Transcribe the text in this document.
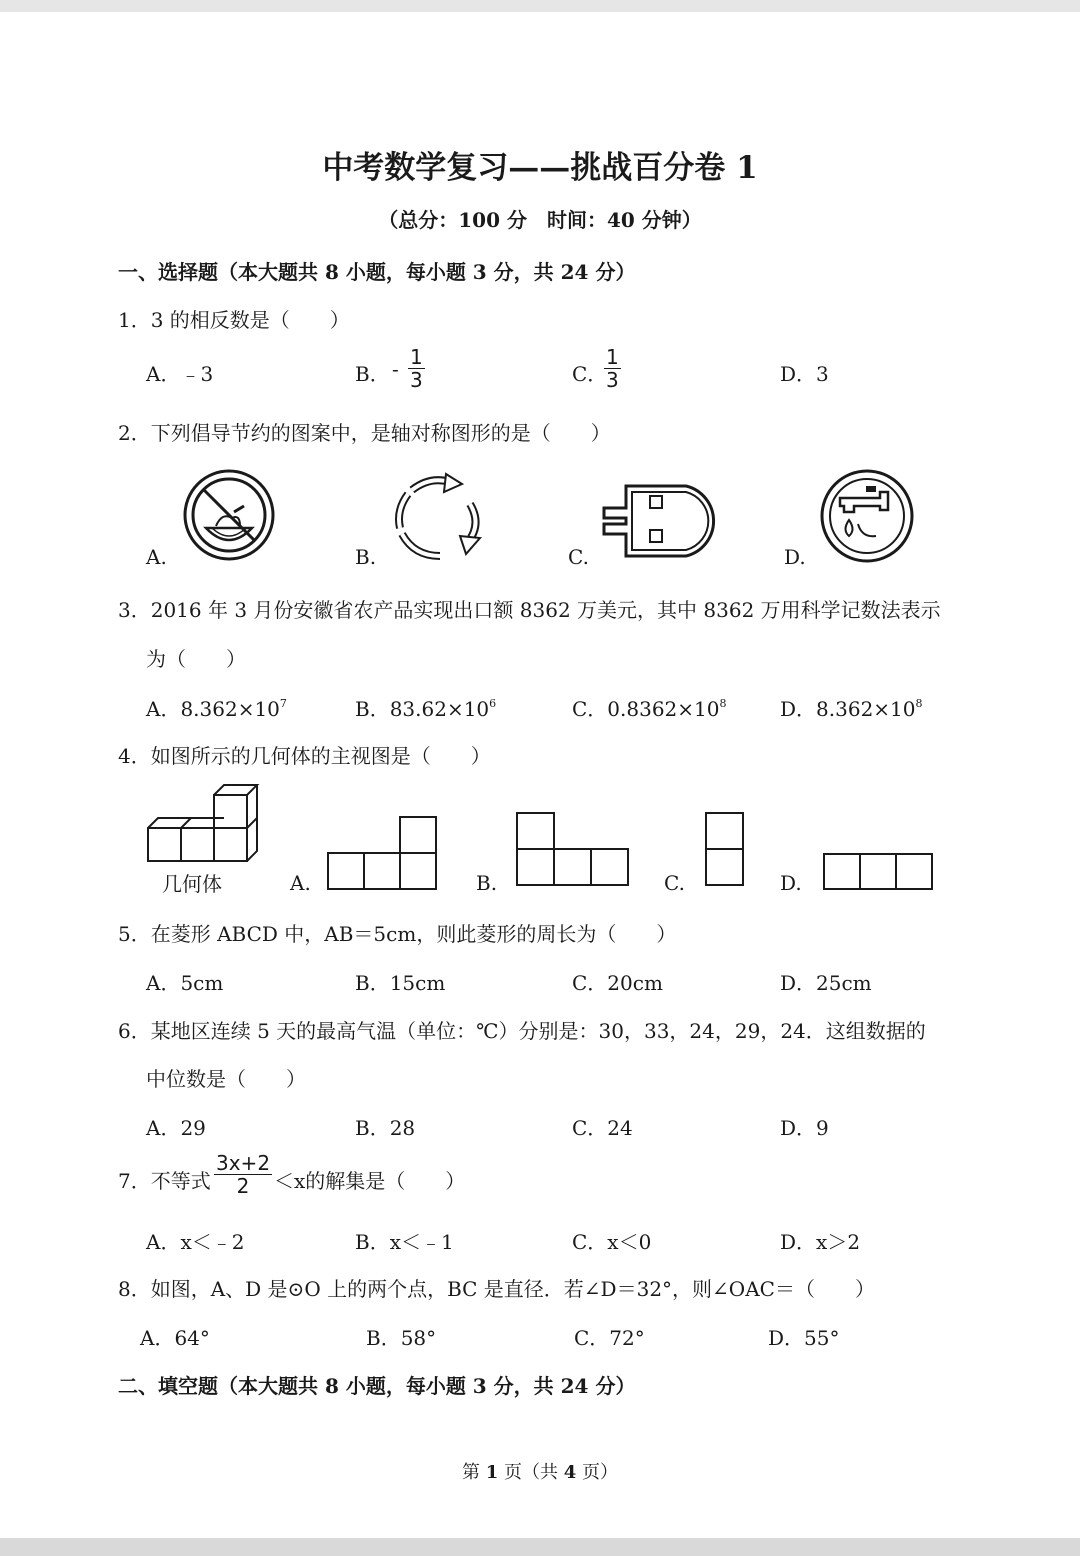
中考数学复习——挑战百分卷 1
（总分：100 分　时间：40 分钟）
一、选择题（本大题共 8 小题，每小题 3 分，共 24 分）
1．3 的相反数是（　　）
A．﹣3	B． - $\frac{1}{3}$	C．
$\frac{1}{3}$	D．3
2．下列倡导节约的图案中，是轴对称图形的是（　　）
A.	B.	C.	D.
3．2016 年 3 月份安徽省农产品实现出口额 8362 万美元，其中 8362 万用科学记数法表示
为（　　）
A．$8.362\times 10^7$	B．$83.62\times 10^6$	C．$0.8362\times 10^8$	D．$8.362\times 10^8$
4．如图所示的几何体的主视图是（　　）
几何体	A.	B.	C.	D.
5．在菱形 ABCD 中，AB＝5cm，则此菱形的周长为（　　）
A．5cm	B．15cm	C．20cm	D．25cm
6．某地区连续 5 天的最高气温（单位：℃）分别是：30，33，24，29，24．这组数据的
中位数是（　　）
A．29	B．28	C．24	D．9
7．不等式 $\frac{3x+2}{2} <x$的解集是（　　）
A．x＜﹣2	B．x＜﹣1	C．x＜0	D．x＞2
8．如图，A、D 是⊙O 上的两个点，BC 是直径．若∠D＝32°，则∠OAC＝（　　）
A．64°	B．58°	C．72°	D．55°
二、填空题（本大题共 8 小题，每小题 3 分，共 24 分）
第 1 页（共 4 页）
